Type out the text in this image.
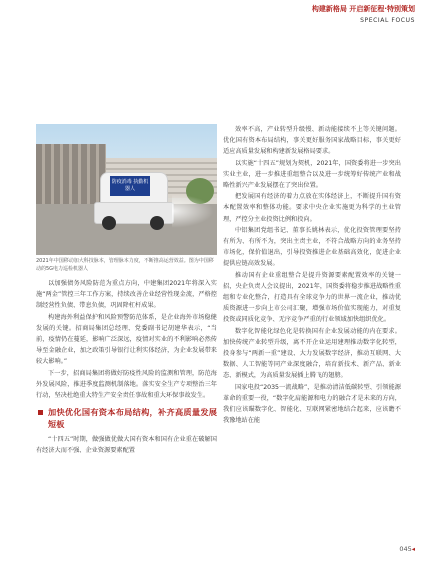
构建新格局 开启新征程·特别策划
SPECIAL FOCUS
防疫消毒 执勤机器人
2021年中国移动加大科技脉本，管理脉本力度，不断推高运营效益。图为中国移动的5G电力巡检机器人

以加强债务风险防范为重点方向，中建集团2021年将深入实施“两金”管控三年工作方案，持续改善企业经营性现金流，严格控制经营性负债、带息负债，巩固降杠杆成果。

构建海外利益保护和风险预警防范体系，是企业海外市场稳健发展的关键。招商局集团总经理、党委副书记胡建华表示，“当前，疫情仍在蔓延，影响广泛深远，疫情对实业的不利影响必然传导至金融企业，加之政策引导银行让利实体经济，为企业发展带来较大影响。”

下一步，招商局集团将做好防疫性风险的监测和管理，防范海外发展风险，推进季度监测机制落地。落实安全生产专项整治三年行动，坚决杜绝重大特生产安全责任事故和重大环保事故发生。

加快优化国有资本布局结构，补齐高质量发展短板

“十四五”时期，做强做优做大国有资本和国有企业重在破解国有经济大而不强、企业资源要素配置

效率不高，产业转型升级慢、新动能接续不上等关键问题。优化国有资本布局结构，事关更好服务国家战略目标，事关更好适应高质量发展和构建新发展格局要求。

以实施“十四五”规划为契机，2021年，国资委将进一步突出实业主业，进一步推进重组整合以及进一步统筹好传统产业和战略性新兴产业发展摆在了突出位置。

把发展国有经济的着力点放在实体经济上，不断提升国有资本配置效率和整体功能。要求中央企业实施更为科学的主业管理，严控分主业投资比例和投向。

中铝集团党组书记、董事长姚林表示，优化投资管理要坚持有所为、有所不为，突出主责主业，不符合战略方向的业务坚持市场化，保价值退出，引导投资推进企业基础高效化，促进企业提供应链高效发展。

推动国有企业重组整合是提升资源要素配置效率的关键一招，央企负责人会议提出，2021年，国资委将稳步推进战略性重组和专业化整合，打造具有全球竞争力的世界一流企业，推动优质资源进一步向上市公司汇聚，增强市场价值实现能力，对重复投资或同质化竞争、无序竞争严重的行业领域加快组织优化。

数字化智能化绿色化是转换国有企业发展动能的内在要求。加快传统产业转型升级，离不开企业运用建理推动数字化转型，投身参与“两新一重”建设、大力发展数字经济，推动互联网、大数据、人工智能等同产业深度融合，培育新技术、新产品、新业态、新模式，为高质量发展插上腾飞的翅膀。

国家电投“2035一流战略”，是推动清洁低碳转型、引领能源革命的重要一役，“数字化肩能源和电力的融合才是未来的方向，我们应该瞄数字化、智能化、互联网紧密地结合起来，应该瞻不我豫地站在能

045◂
